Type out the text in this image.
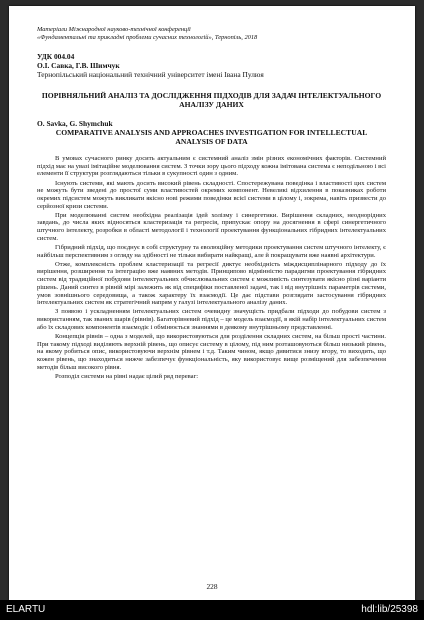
Матеріали Міжнародної науково-технічної конференції

«Фундаментальні та прикладні проблеми сучасних технологій», Тернопіль, 2018

УДК 004.04
О.І. Савка, Г.В. Шимчук
Тернопільський національний технічний університет імені Івана Пулюя
ПОРІВНЯЛЬНИЙ АНАЛІЗ ТА ДОСЛІДЖЕННЯ ПІДХОДІВ ДЛЯ ЗАДАЧ ІНТЕЛЕКТУАЛЬНОГО АНАЛІЗУ ДАНИХ
O. Savka, G. Shymchuk
COMPARATIVE ANALYSIS AND APPROACHES INVESTIGATION FOR INTELLECTUAL ANALYSIS OF DATA

В умовах сучасного ринку досить актуальним є системний аналіз змін різних економічних факторів. Системний підхід має на увазі імітаційне моделювання систем. З точки зору цього підходу кожна імітована система є неподільною і всі елементи її структури розглядаються тільки в сукупності один з одним.

Існують системи, які мають досить високий рівень складності. Спостережувана поведінка і властивості цих систем не можуть бути зведені до простої суми властивостей окремих компонент. Невеликі відхилення в показниках роботи окремих підсистем можуть викликати якісно нові режими поведінки всієї системи в цілому і, зокрема, навіть призвести до серйозної кризи системи.

При моделюванні систем необхідна реалізація ідей холізму і синергетики. Вирішення складних, неоднорідних завдань, до числа яких відносяться кластеризація та регресія, припускає опору на досягнення в сфері синергетичного штучного інтелекту, розробки в області методології і технології проектування функціональних гібридних інтелектуальних систем.

Гібридний підхід, що поєднує в собі структурну та еволюційну методики проектування систем штучного інтелекту, є найбільш перспективним з огляду на здібності не тільки вибирати найкращі, але й покращувати вже наявні архітектури.

Отже, комплексність проблем кластеризації та регресії диктує необхідність міждисциплінарного підходу до їх вирішення, розширення та інтеграцію вже наявних методів. Принципово відмінністю парадигми проектування гібридних систем від традиційної побудови інтелектуальних обчислювальних систем є можливість синтезувати якісно різні варіанти рішень. Даний синтез в рівній мірі залежить як від специфіки поставленої задачі, так і від внутрішніх параметрів системи, умов зовнішнього середовища, а також характеру їх взаємодії. Це дає підстави розглядати застосування гібридних інтелектуальних систем як стратегічний напрям у галузі інтелектуального аналізу даних.

З появою і ускладненням інтелектуальних систем очевидну значущість придбали підходи до побудови систем з використанням, так званих шарів (рівнів). Багаторівневий підхід – це модель взаємодії, в якій набір інтелектуальних систем або їх складових компонентів взаємодіє і обмінюється знаннями в деякому внутрішньому представленні.

Концепція рівнів – одна з моделей, що використовуються для розділення складних систем, на більш прості частини. При такому підході виділяють верхній рівень, що описує систему в цілому, під ним розташовуються більш низький рівень, на якому робиться опис, використовуючи верхнім рівнем і т.д. Таким чином, якщо дивитися знизу вгору, то виходить, що кожен рівень, що знаходиться нижче забезпечує функціональність, яку використовує вище розміщений для забезпечення методів більш високого рівня.

Розподіл системи на рівні надає цілий ряд переваг:

228
ELARTU	hdl:lib/25398
